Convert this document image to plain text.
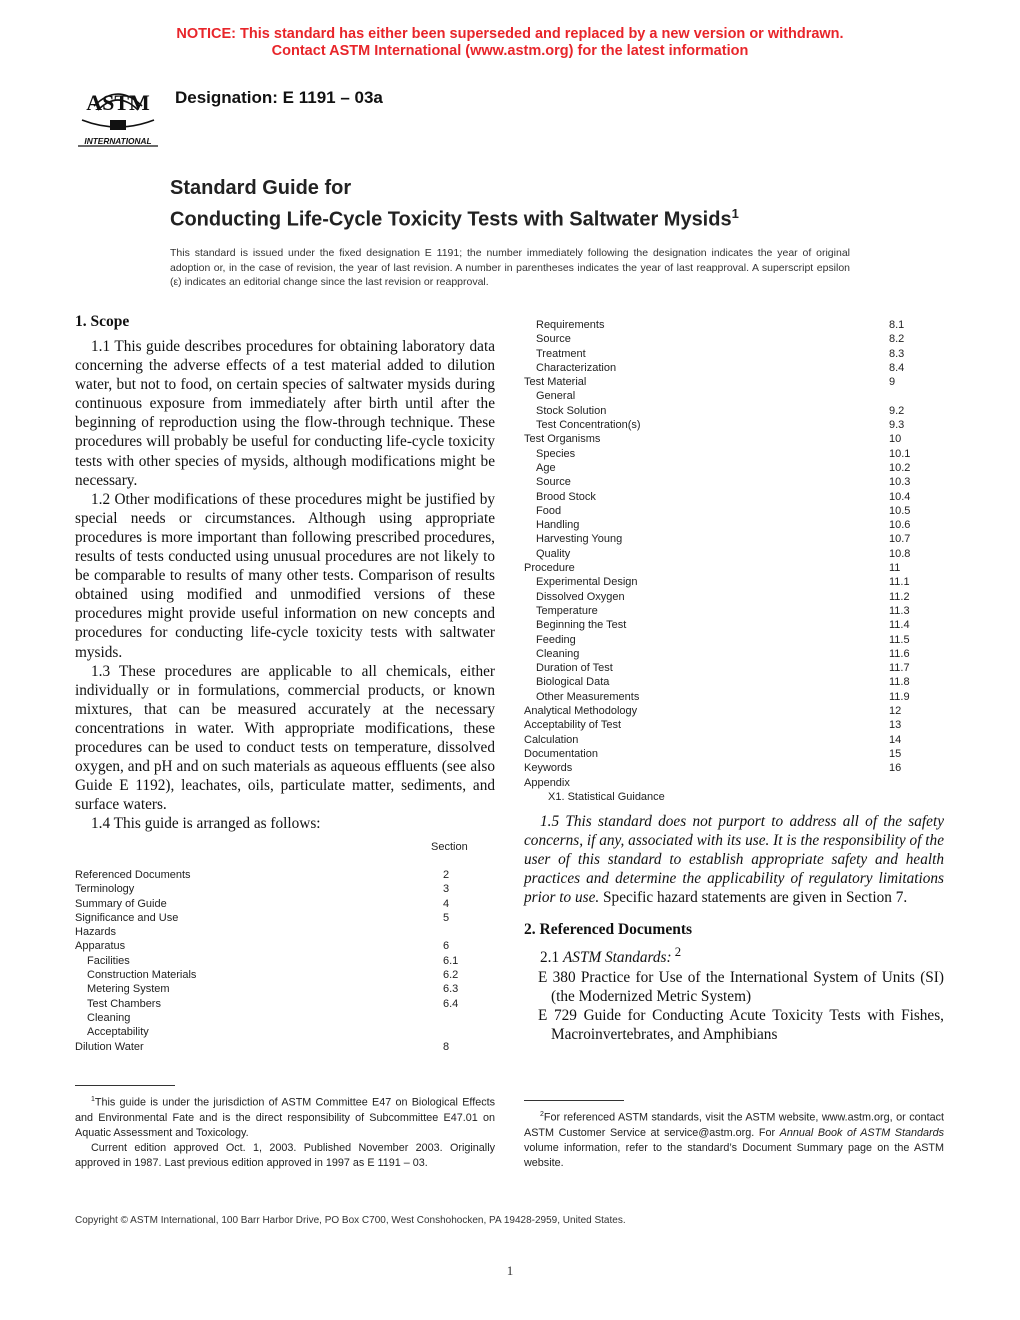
NOTICE: This standard has either been superseded and replaced by a new version or withdrawn.
Contact ASTM International (www.astm.org) for the latest information
ASTM
INTERNATIONAL
Designation: E 1191 – 03a
Standard Guide for
Conducting Life-Cycle Toxicity Tests with Saltwater Mysids$^1$
This standard is issued under the fixed designation E 1191; the number immediately following the designation indicates the year of original adoption or, in the case of revision, the year of last revision. A number in parentheses indicates the year of last reapproval. A superscript epsilon (ε) indicates an editorial change since the last revision or reapproval.
1. Scope

1.1 This guide describes procedures for obtaining laboratory data concerning the adverse effects of a test material added to dilution water, but not to food, on certain species of saltwater mysids during continuous exposure from immediately after birth until after the beginning of reproduction using the flow-through technique. These procedures will probably be useful for conducting life-cycle toxicity tests with other species of mysids, although modifications might be necessary.

1.2 Other modifications of these procedures might be justified by special needs or circumstances. Although using appropriate procedures is more important than following prescribed procedures, results of tests conducted using unusual procedures are not likely to be comparable to results of many other tests. Comparison of results obtained using modified and unmodified versions of these procedures might provide useful information on new concepts and procedures for conducting life-cycle toxicity tests with saltwater mysids.

1.3 These procedures are applicable to all chemicals, either individually or in formulations, commercial products, or known mixtures, that can be measured accurately at the necessary concentrations in water. With appropriate modifications, these procedures can be used to conduct tests on temperature, dissolved oxygen, and pH and on such materials as aqueous effluents (see also Guide E 1192), leachates, oils, particulate matter, sediments, and surface waters.

1.4 This guide is arranged as follows:

Section
Referenced Documents	2
Terminology	3
Summary of Guide	4
Significance and Use	5
Hazards
Apparatus	6
Facilities	6.1
Construction Materials	6.2
Metering System	6.3
Test Chambers	6.4
Cleaning
Acceptability
Dilution Water	8
Requirements	8.1
Source	8.2
Treatment	8.3
Characterization	8.4
Test Material	9
General
Stock Solution	9.2
Test Concentration(s)	9.3
Test Organisms	10
Species	10.1
Age	10.2
Source	10.3
Brood Stock	10.4
Food	10.5
Handling	10.6
Harvesting Young	10.7
Quality	10.8
Procedure	11
Experimental Design	11.1
Dissolved Oxygen	11.2
Temperature	11.3
Beginning the Test	11.4
Feeding	11.5
Cleaning	11.6
Duration of Test	11.7
Biological Data	11.8
Other Measurements	11.9
Analytical Methodology	12
Acceptability of Test	13
Calculation	14
Documentation	15
Keywords	16
Appendix
X1. Statistical Guidance

1.5 This standard does not purport to address all of the safety concerns, if any, associated with its use. It is the responsibility of the user of this standard to establish appropriate safety and health practices and determine the applicability of regulatory limitations prior to use. Specific hazard statements are given in Section 7.

2. Referenced Documents

2.1 ASTM Standards: $^2$

E 380 Practice for Use of the International System of Units (SI) (the Modernized Metric System)

E 729 Guide for Conducting Acute Toxicity Tests with Fishes, Macroinvertebrates, and Amphibians

$^1$This guide is under the jurisdiction of ASTM Committee E47 on Biological Effects and Environmental Fate and is the direct responsibility of Subcommittee E47.01 on Aquatic Assessment and Toxicology.

Current edition approved Oct. 1, 2003. Published November 2003. Originally approved in 1987. Last previous edition approved in 1997 as E 1191 – 03.

$^2$For referenced ASTM standards, visit the ASTM website, www.astm.org, or contact ASTM Customer Service at service@astm.org. For Annual Book of ASTM Standards volume information, refer to the standard’s Document Summary page on the ASTM website.

Copyright © ASTM International, 100 Barr Harbor Drive, PO Box C700, West Conshohocken, PA 19428-2959, United States.
1
